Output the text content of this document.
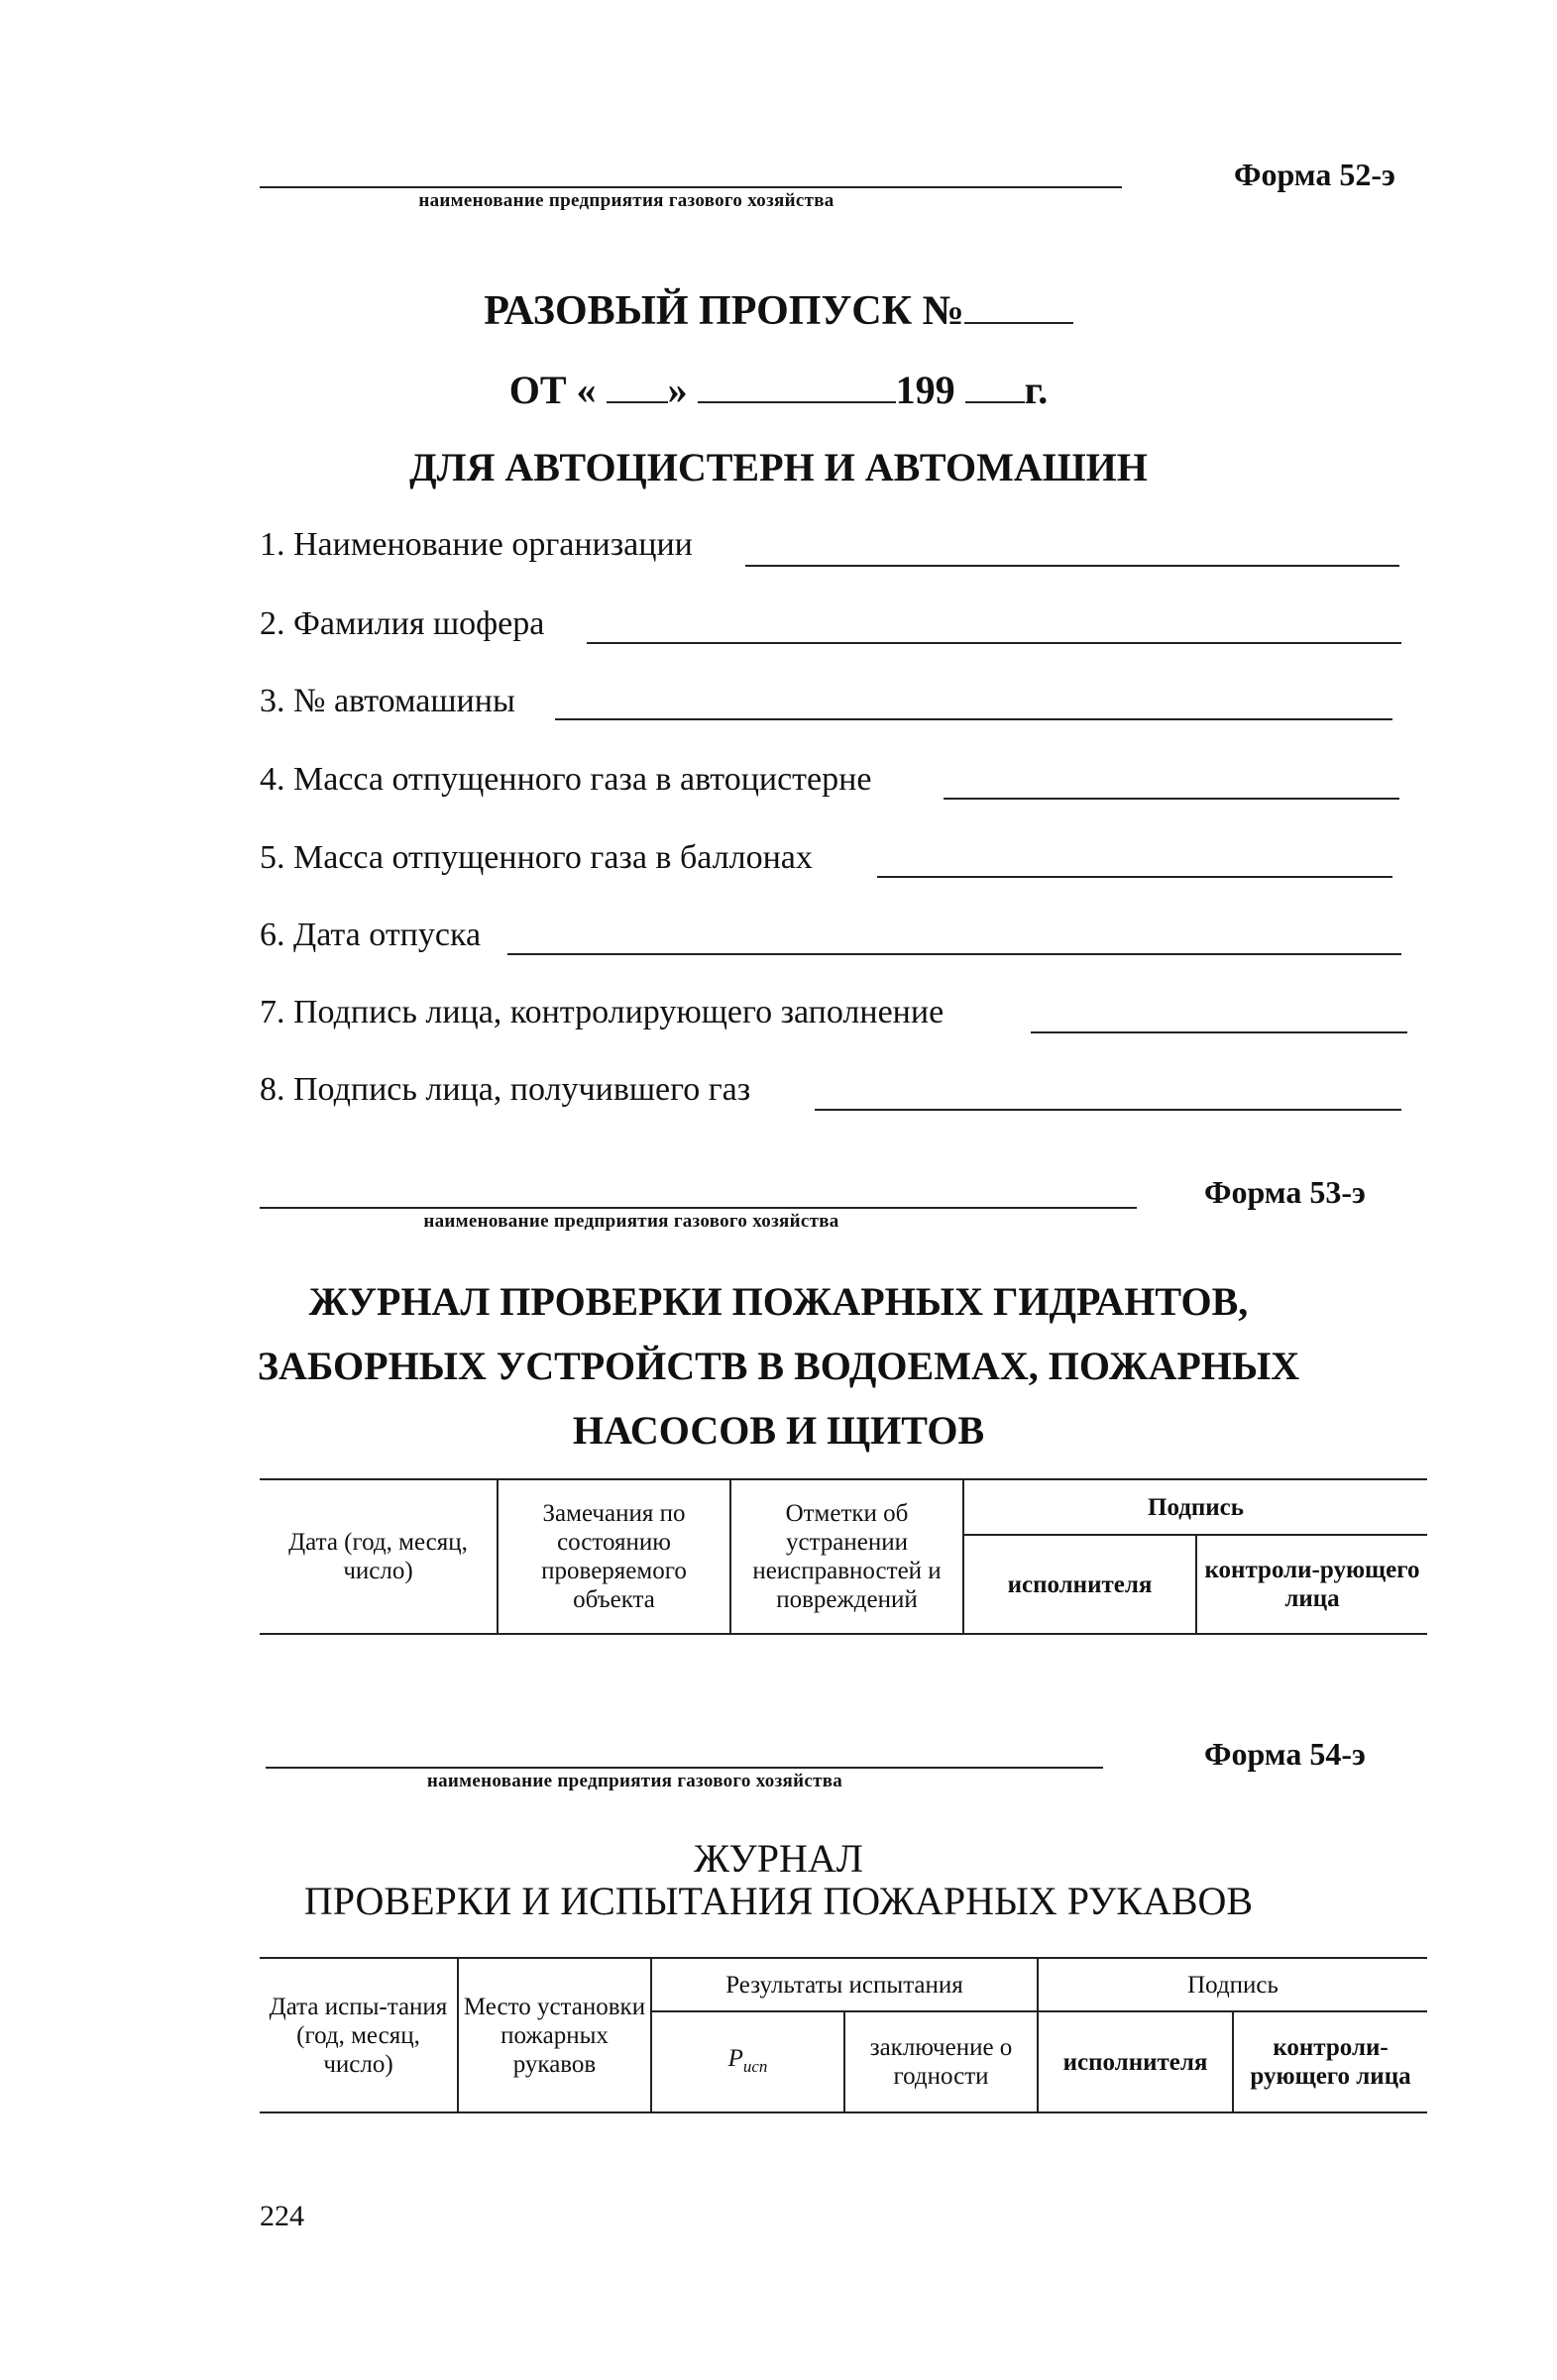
наименование предприятия газового хозяйства
Форма 52-э
РАЗОВЫЙ ПРОПУСК №
ОТ « »	199 г.
ДЛЯ АВТОЦИСТЕРН И АВТОМАШИН
1. Наименование организации
2. Фамилия шофера
3. № автомашины
4. Масса отпущенного газа в автоцистерне
5. Масса отпущенного газа в баллонах
6. Дата отпуска
7. Подпись лица, контролирующего заполнение
8. Подпись лица, получившего газ
наименование предприятия газового хозяйства
Форма 53-э
ЖУРНАЛ ПРОВЕРКИ ПОЖАРНЫХ ГИДРАНТОВ,
ЗАБОРНЫХ УСТРОЙСТВ В ВОДОЕМАХ, ПОЖАРНЫХ
НАСОСОВ И ЩИТОВ
Дата (год, месяц, число)	Замечания по состоянию проверяемого объекта	Отметки об устранении неисправностей и повреждений	Подпись	
			исполнителя	контроли-рующего лица
наименование предприятия газового хозяйства
Форма 54-э
ЖУРНАЛ
ПРОВЕРКИ И ИСПЫТАНИЯ ПОЖАРНЫХ РУКАВОВ
Дата испы-тания (год, месяц, число)	Место установки пожарных рукавов	Результаты испытания		Подпись	
		$P_{исп}$	заключение о годности	исполнителя	контроли-рующего лица
224
